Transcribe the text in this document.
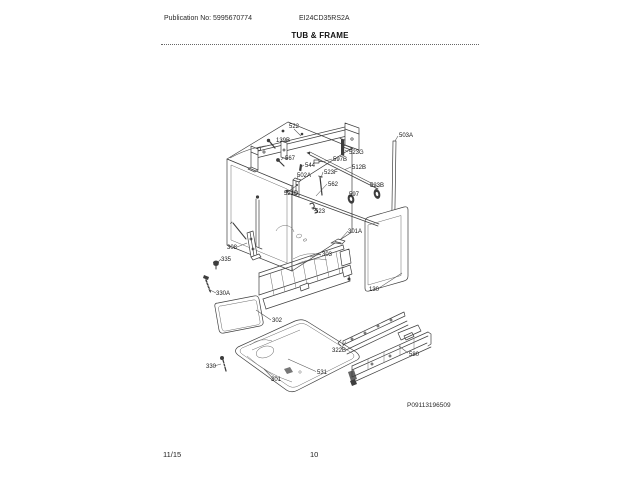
Publication No: 5995670774	EI24CD35RS2A
TUB & FRAME
522
139B
567
544
597B
523G
512B
503A
502A 523F
562
521D	597
523B
523
301A
303
308
335
330A
302
130
330
301
531
322B
580
P09113196509
11/15	10
